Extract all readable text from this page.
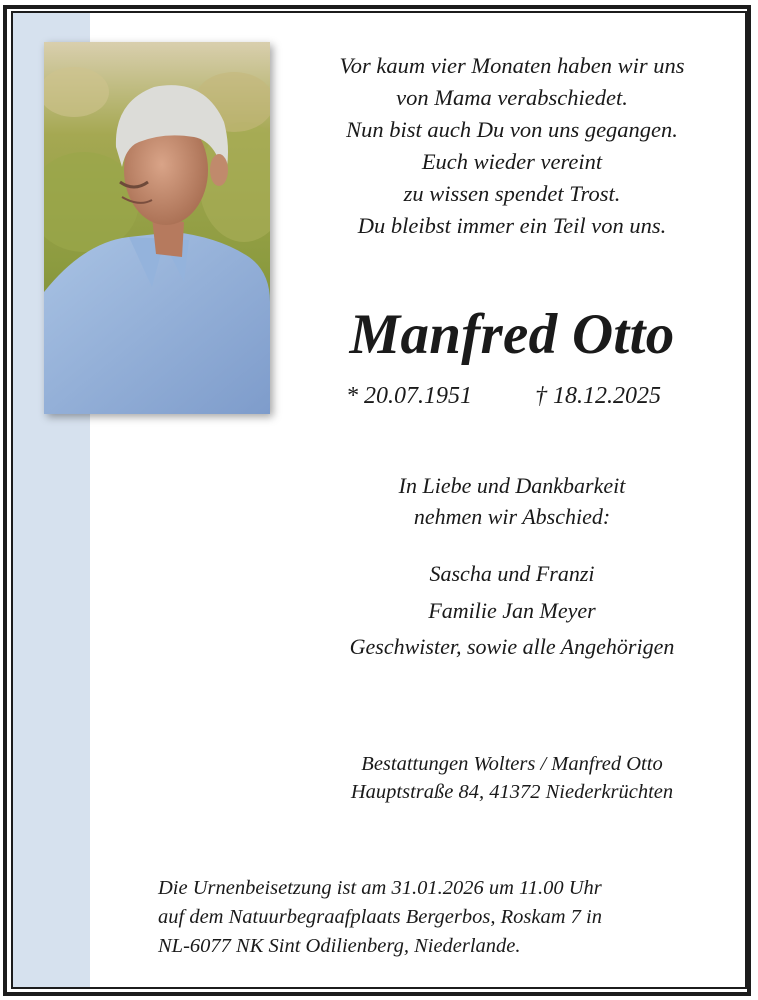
Vor kaum vier Monaten haben wir uns
von Mama verabschiedet.
Nun bist auch Du von uns gegangen.
Euch wieder vereint
zu wissen spendet Trost.
Du bleibst immer ein Teil von uns.
Manfred Otto
* 20.07.1951	† 18.12.2025
In Liebe und Dankbarkeit
nehmen wir Abschied:
Sascha und Franzi
Familie Jan Meyer
Geschwister, sowie alle Angehörigen
Bestattungen Wolters / Manfred Otto
Hauptstraße 84, 41372 Niederkrüchten
Die Urnenbeisetzung ist am 31.01.2026 um 11.00 Uhr
auf dem Natuurbegraafplaats Bergerbos, Roskam 7 in
NL-6077 NK Sint Odilienberg, Niederlande.
